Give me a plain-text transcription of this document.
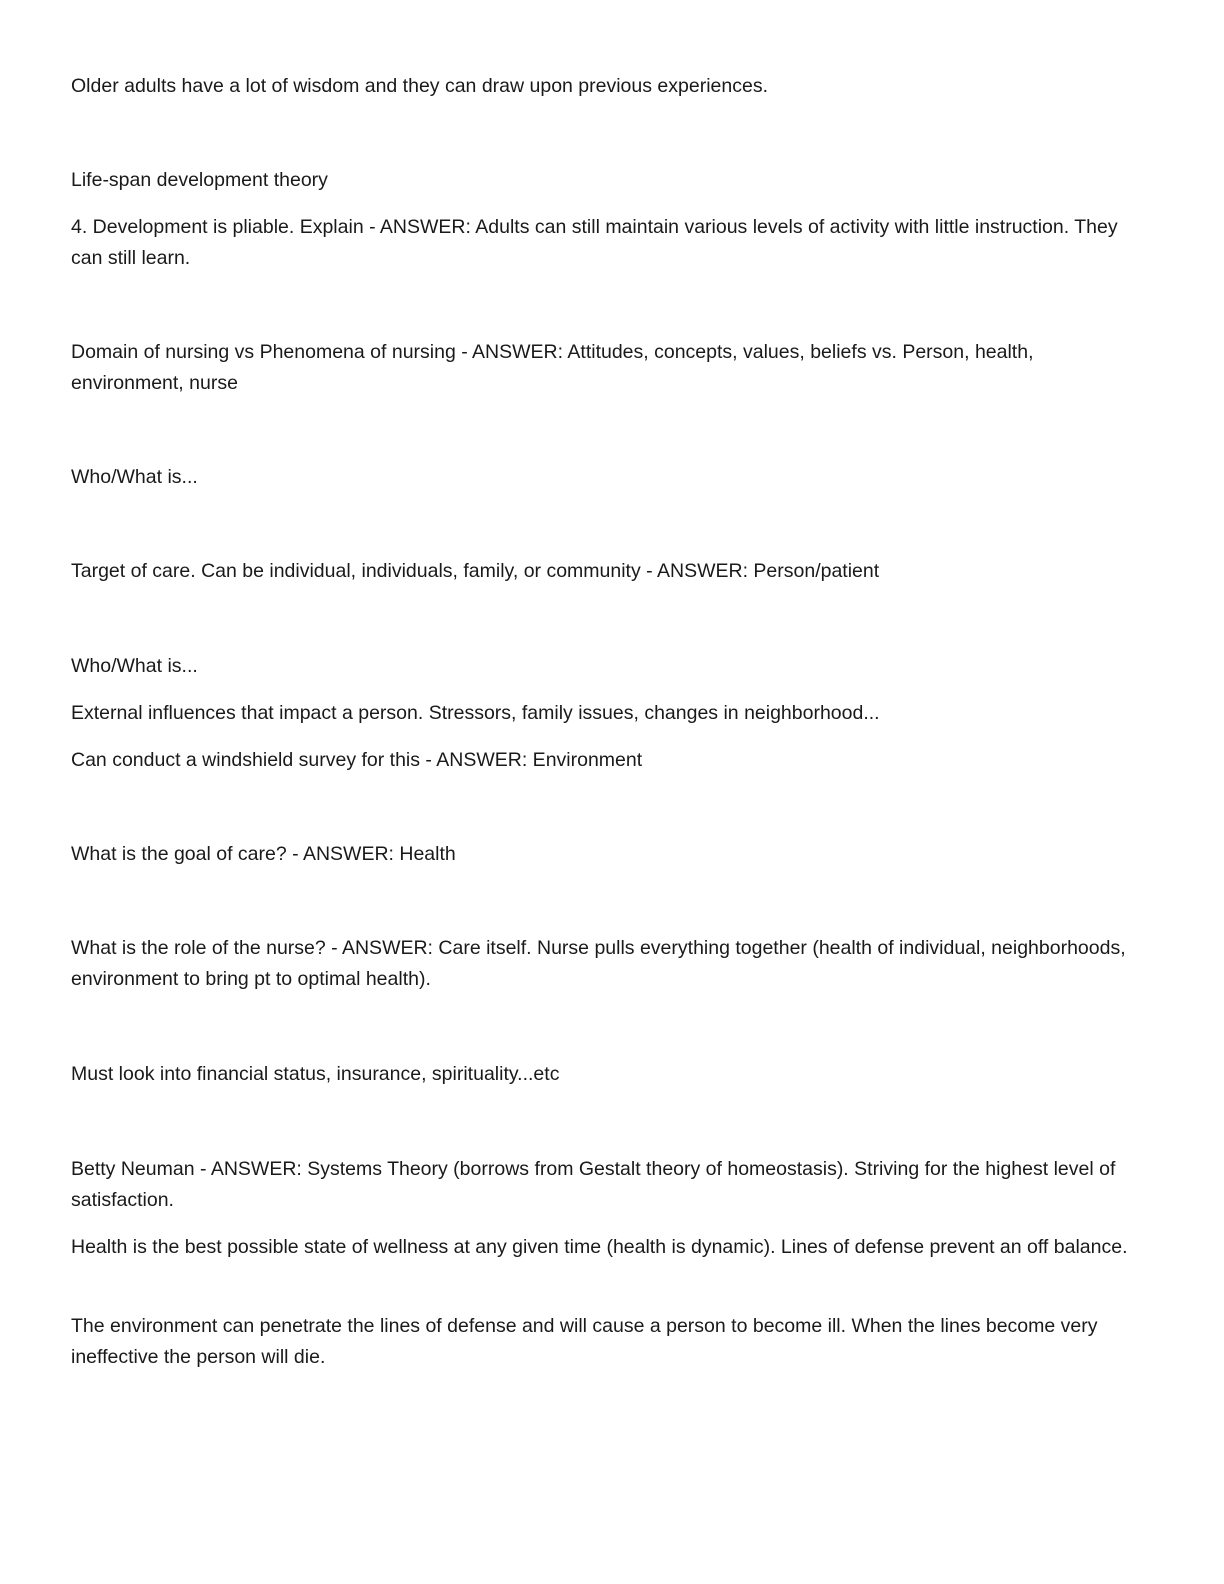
Older adults have a lot of wisdom and they can draw upon previous experiences.

Life-span development theory

4. Development is pliable. Explain - ANSWER: Adults can still maintain various levels of activity with little instruction. They can still learn.

Domain of nursing vs Phenomena of nursing - ANSWER: Attitudes, concepts, values, beliefs vs. Person, health, environment, nurse

Who/What is...

Target of care. Can be individual, individuals, family, or community - ANSWER: Person/patient

Who/What is...

External influences that impact a person. Stressors, family issues, changes in neighborhood...

Can conduct a windshield survey for this - ANSWER: Environment

What is the goal of care? - ANSWER: Health

What is the role of the nurse? - ANSWER: Care itself. Nurse pulls everything together (health of individual, neighborhoods, environment to bring pt to optimal health).

Must look into financial status, insurance, spirituality...etc

Betty Neuman - ANSWER: Systems Theory (borrows from Gestalt theory of homeostasis). Striving for the highest level of satisfaction.

Health is the best possible state of wellness at any given time (health is dynamic). Lines of defense prevent an off balance.

The environment can penetrate the lines of defense and will cause a person to become ill. When the lines become very ineffective the person will die.
